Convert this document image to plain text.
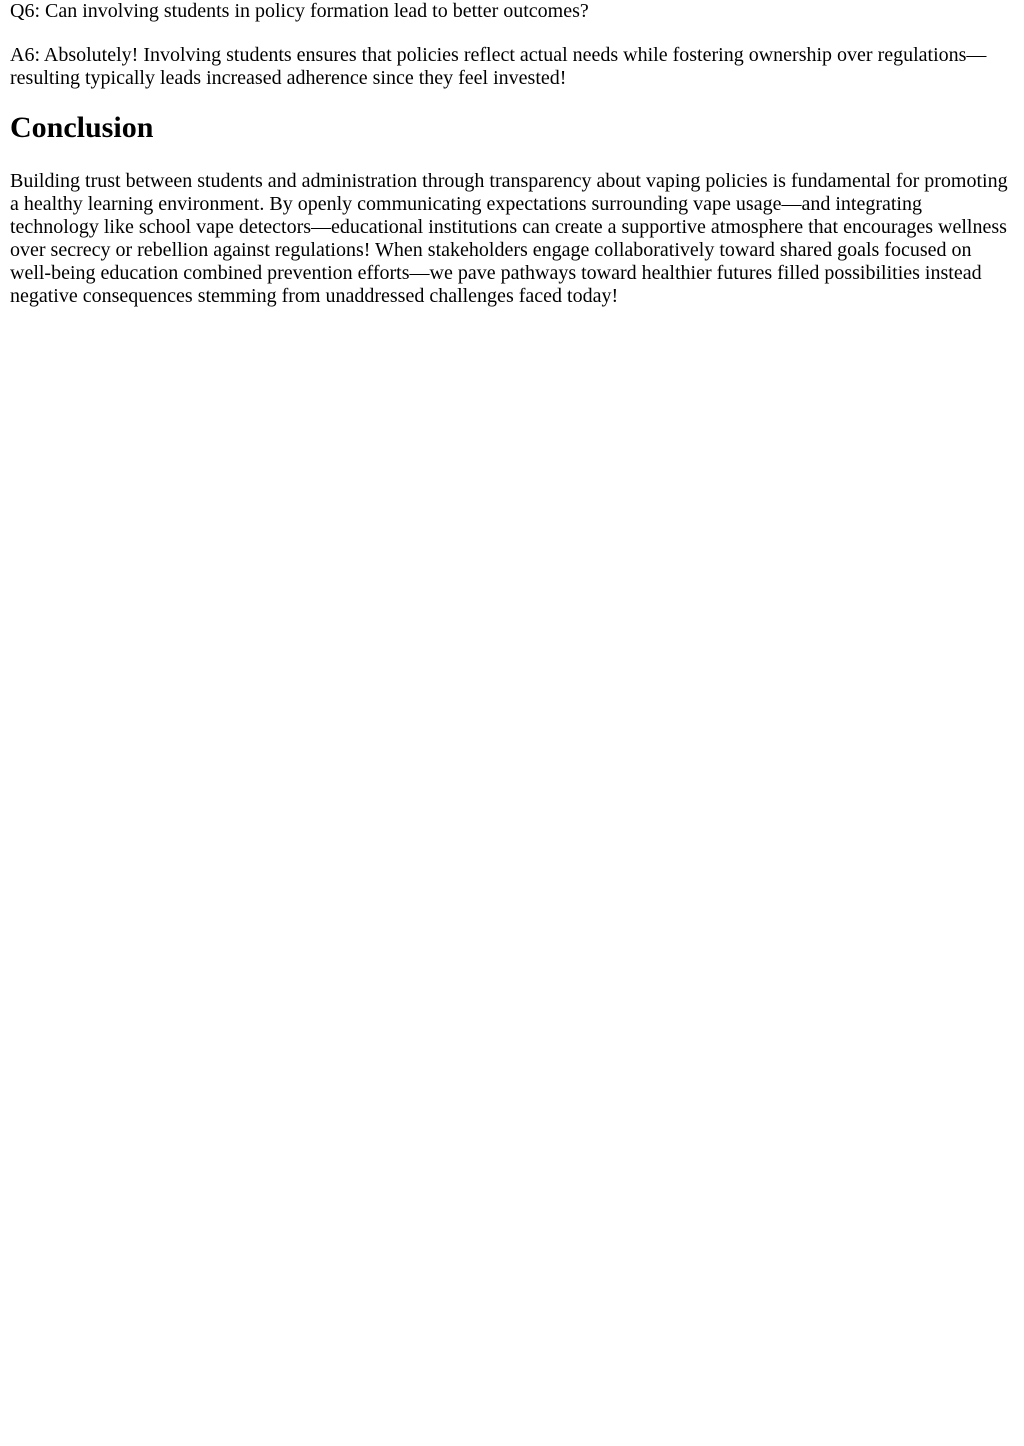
Q6: Can involving students in policy formation lead to better outcomes?

A6: Absolutely! Involving students ensures that policies reflect actual needs while fostering ownership over regulations—resulting typically leads increased adherence since they feel invested!

Conclusion

Building trust between students and administration through transparency about vaping policies is fundamental for promoting a healthy learning environment. By openly communicating expectations surrounding vape usage—and integrating technology like school vape detectors—educational institutions can create a supportive atmosphere that encourages wellness over secrecy or rebellion against regulations! When stakeholders engage collaboratively toward shared goals focused on well-being education combined prevention efforts—we pave pathways toward healthier futures filled possibilities instead negative consequences stemming from unaddressed challenges faced today!
